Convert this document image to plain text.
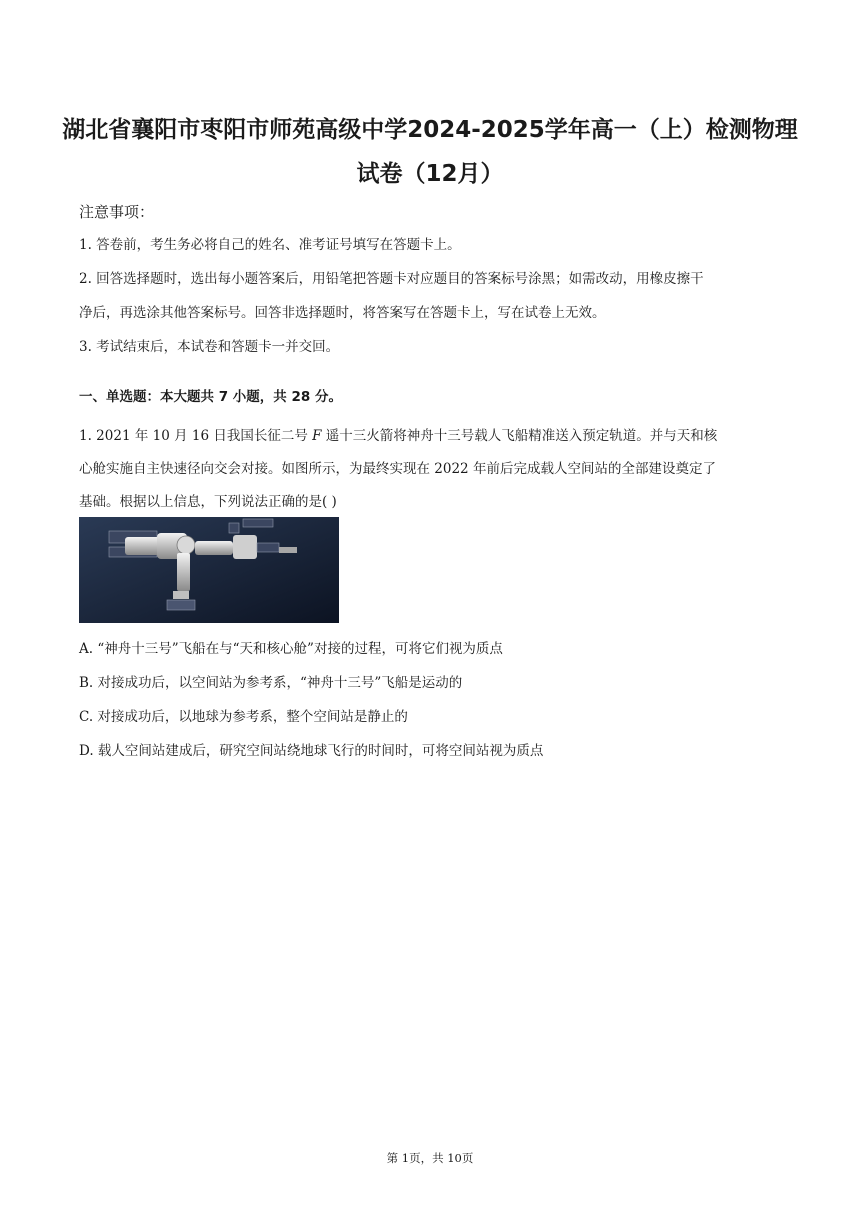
湖北省襄阳市枣阳市师苑高级中学2024-2025学年高一（上）检测物理
试卷（12月）
注意事项：
1. 答卷前，考生务必将自己的姓名、准考证号填写在答题卡上。
2. 回答选择题时，选出每小题答案后，用铅笔把答题卡对应题目的答案标号涂黑；如需改动，用橡皮擦干
净后，再选涂其他答案标号。回答非选择题时，将答案写在答题卡上，写在试卷上无效。
3. 考试结束后，本试卷和答题卡一并交回。
一、单选题：本大题共 7 小题，共 28 分。
1. 2021 年 10 月 16 日我国长征二号 F 遥十三火箭将神舟十三号载人飞船精准送入预定轨道。并与天和核
心舱实施自主快速径向交会对接。如图所示，为最终实现在 2022 年前后完成载人空间站的全部建设奠定了
基础。根据以上信息，下列说法正确的是( )
A. “神舟十三号”飞船在与“天和核心舱”对接的过程，可将它们视为质点
B. 对接成功后，以空间站为参考系，“神舟十三号”飞船是运动的
C. 对接成功后，以地球为参考系，整个空间站是静止的
D. 载人空间站建成后，研究空间站绕地球飞行的时间时，可将空间站视为质点
第 1页，共 10页
